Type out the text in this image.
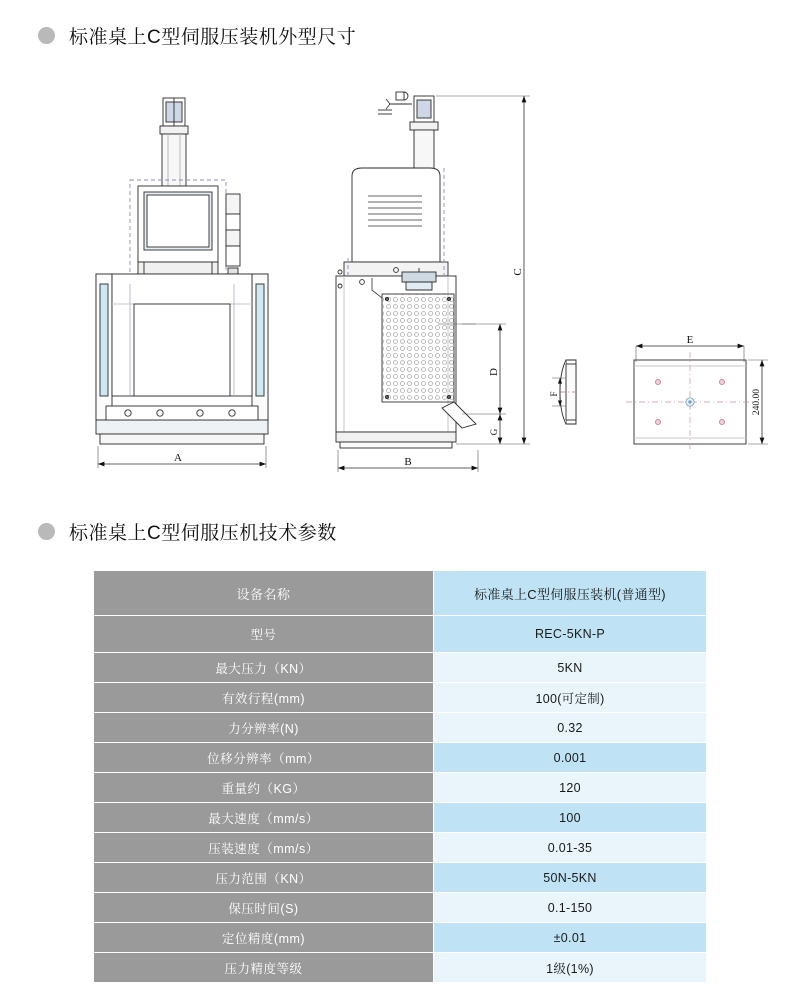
标准桌上C型伺服压装机外型尺寸
A	B
C
D
G
E
F	240.00
标准桌上C型伺服压机技术参数
设备名称	标准桌上C型伺服压装机(普通型)
型号	REC-5KN-P
最大压力（KN）	5KN
有效行程(mm)	100(可定制)
力分辨率(N)	0.32
位移分辨率（mm）	0.001
重量约（KG）	120
最大速度（mm/s）	100
压装速度（mm/s）	0.01-35
压力范围（KN）	50N-5KN
保压时间(S)	0.1-150
定位精度(mm)	±0.01
压力精度等级	1级(1%)
